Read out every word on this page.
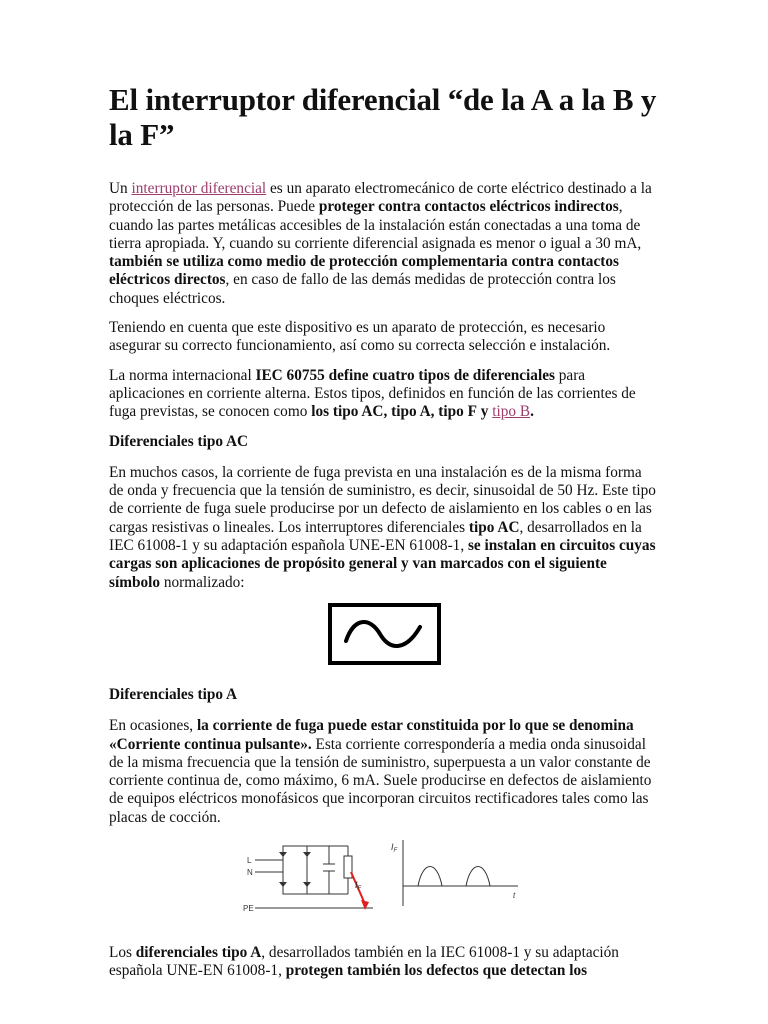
El interruptor diferencial “de la A a la B y la F”

Un interruptor diferencial es un aparato electromecánico de corte eléctrico destinado a la protección de las personas. Puede proteger contra contactos eléctricos indirectos, cuando las partes metálicas accesibles de la instalación están conectadas a una toma de tierra apropiada. Y, cuando su corriente diferencial asignada es menor o igual a 30 mA, también se utiliza como medio de protección complementaria contra contactos eléctricos directos, en caso de fallo de las demás medidas de protección contra los choques eléctricos.

Teniendo en cuenta que este dispositivo es un aparato de protección, es necesario asegurar su correcto funcionamiento, así como su correcta selección e instalación.

La norma internacional IEC 60755 define cuatro tipos de diferenciales para aplicaciones en corriente alterna. Estos tipos, definidos en función de las corrientes de fuga previstas, se conocen como los tipo AC, tipo A, tipo F y tipo B.

Diferenciales tipo AC

En muchos casos, la corriente de fuga prevista en una instalación es de la misma forma de onda y frecuencia que la tensión de suministro, es decir, sinusoidal de 50 Hz. Este tipo de corriente de fuga suele producirse por un defecto de aislamiento en los cables o en las cargas resistivas o lineales. Los interruptores diferenciales tipo AC, desarrollados en la IEC 61008-1 y su adaptación española UNE-EN 61008-1, se instalan en circuitos cuyas cargas son aplicaciones de propósito general y van marcados con el siguiente símbolo normalizado:

Diferenciales tipo A

En ocasiones, la corriente de fuga puede estar constituida por lo que se denomina «Corriente continua pulsante». Esta corriente correspondería a media onda sinusoidal de la misma frecuencia que la tensión de suministro, superpuesta a un valor constante de corriente continua de, como máximo, 6 mA. Suele producirse en defectos de aislamiento de equipos eléctricos monofásicos que incorporan circuitos rectificadores tales como las placas de cocción.

L
N
PE
$I_F$
$I_F$
t

Los diferenciales tipo A, desarrollados también en la IEC 61008-1 y su adaptación española UNE-EN 61008-1, protegen también los defectos que detectan los
